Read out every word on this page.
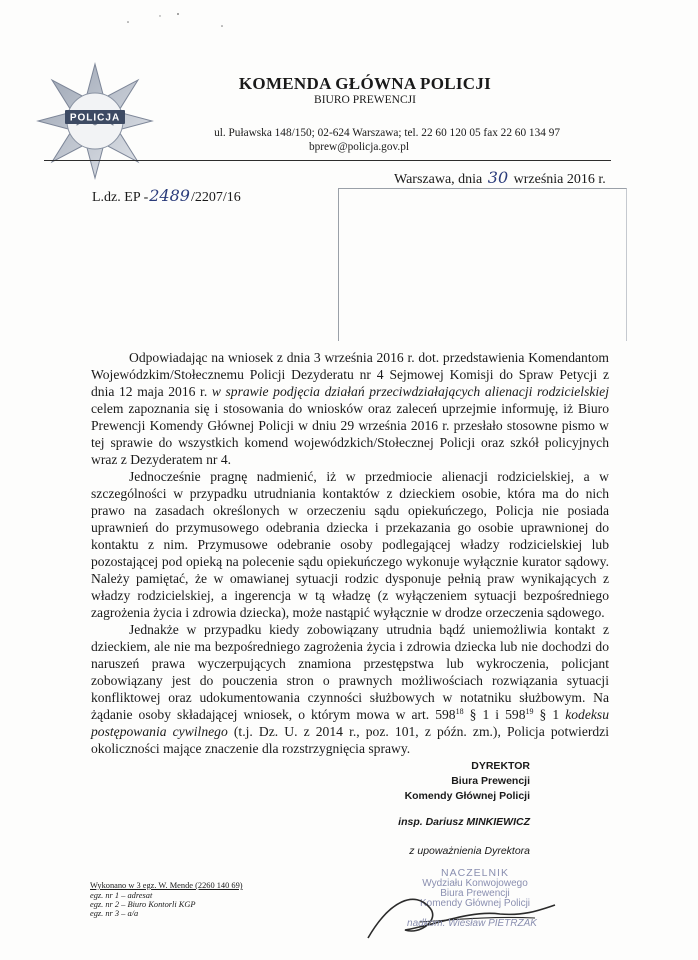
POLICJA
KOMENDA GŁÓWNA POLICJI
BIURO PREWENCJI
ul. Puławska 148/150; 02-624 Warszawa; tel. 22 60 120 05 fax 22 60 134 97
bprew@policja.gov.pl
Warszawa, dnia 30 września 2016 r.
L.dz. EP -2489/2207/16

Odpowiadając na wniosek z dnia 3 września 2016 r. dot. przedstawienia Komendantom Wojewódzkim/Stołecznemu Policji Dezyderatu nr 4 Sejmowej Komisji do Spraw Petycji z dnia 12 maja 2016 r. w sprawie podjęcia działań przeciwdziałających alienacji rodzicielskiej celem zapoznania się i stosowania do wniosków oraz zaleceń uprzejmie informuję, iż Biuro Prewencji Komendy Głównej Policji w dniu 29 września 2016 r. przesłało stosowne pismo w tej sprawie do wszystkich komend wojewódzkich/Stołecznej Policji oraz szkół policyjnych wraz z Dezyderatem nr 4.

Jednocześnie pragnę nadmienić, iż w przedmiocie alienacji rodzicielskiej, a w szczególności w przypadku utrudniania kontaktów z dzieckiem osobie, która ma do nich prawo na zasadach określonych w orzeczeniu sądu opiekuńczego, Policja nie posiada uprawnień do przymusowego odebrania dziecka i przekazania go osobie uprawnionej do kontaktu z nim. Przymusowe odebranie osoby podlegającej władzy rodzicielskiej lub pozostającej pod opieką na polecenie sądu opiekuńczego wykonuje wyłącznie kurator sądowy. Należy pamiętać, że w omawianej sytuacji rodzic dysponuje pełnią praw wynikających z władzy rodzicielskiej, a ingerencja w tą władzę (z wyłączeniem sytuacji bezpośredniego zagrożenia życia i zdrowia dziecka), może nastąpić wyłącznie w drodze orzeczenia sądowego.

Jednakże w przypadku kiedy zobowiązany utrudnia bądź uniemożliwia kontakt z dzieckiem, ale nie ma bezpośredniego zagrożenia życia i zdrowia dziecka lub nie dochodzi do naruszeń prawa wyczerpujących znamiona przestępstwa lub wykroczenia, policjant zobowiązany jest do pouczenia stron o prawnych możliwościach rozwiązania sytuacji konfliktowej oraz udokumentowania czynności służbowych w notatniku służbowym. Na żądanie osoby składającej wniosek, o którym mowa w art. $598^{18}$ § 1 i $598^{19}$ § 1 kodeksu postępowania cywilnego (t.j. Dz. U. z 2014 r., poz. 101, z późn. zm.), Policja potwierdzi okoliczności mające znaczenie dla rozstrzygnięcia sprawy.

DYREKTOR
Biura Prewencji
Komendy Głównej Policji
insp. Dariusz MINKIEWICZ
z upoważnienia Dyrektora
NACZELNIK
Wydziału Konwojowego
Biura Prewencji
Komendy Głównej Policji
nadkom. Wiesław PIETRZAK
Wykonano w 3 egz. W. Mende (2260 140 69)
egz. nr 1 – adresat
egz. nr 2 – Biuro Kontorli KGP
egz. nr 3 – a/a
